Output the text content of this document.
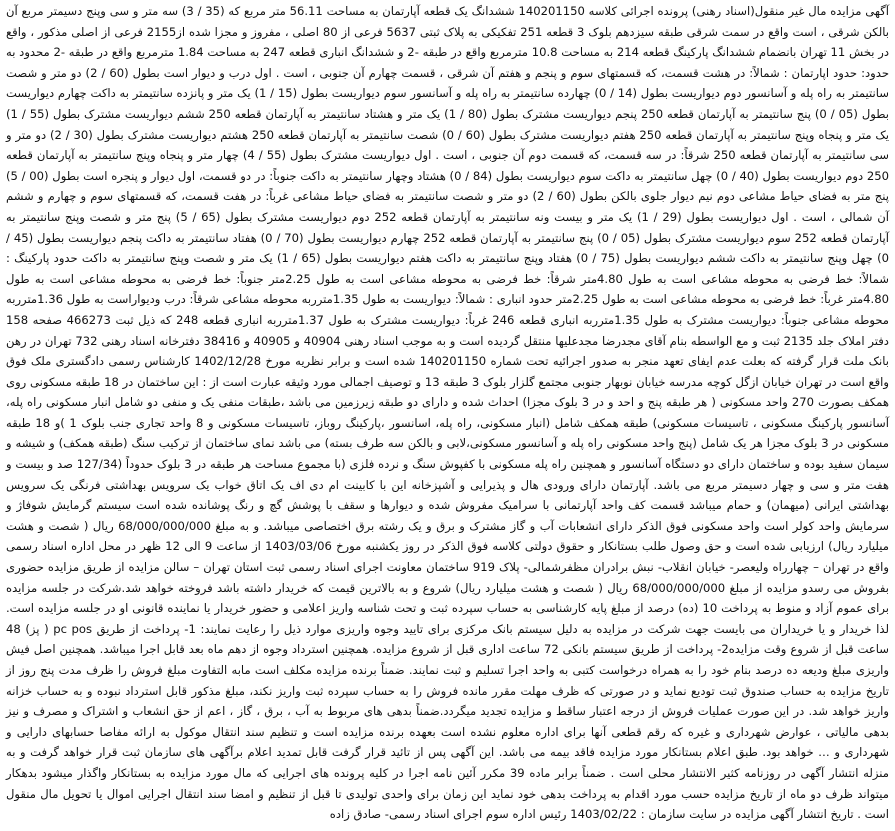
آگهی مزایده مال غیر منقول(اسناد رهنی) پرونده اجرائی کلاسه 140201150 ششدانگ یک قطعه آپارتمان به مساحت 56.11 متر مربع که (35 / 3) سه متر و سی وپنج دسیمتر مربع آن بالکن شرقی ، است واقع در سمت شرقی طبقه سیزدهم بلوک 3 قطعه 251 تفکیکی به پلاک ثبتی 5637 فرعی از 80 اصلی ، مفروز و مجزا شده از2155 فرعی از اصلی مذکور ، واقع در بخش 11 تهران بانضمام ششدانگ پارکینگ قطعه 214 به مساحت 10.8 مترمربع واقع در طبقه -2 و ششدانگ انباری قطعه 247 به مساحت 1.84 مترمربع واقع در طبقه -2 محدود به حدود: حدود اپارتمان : شمالاً: در هشت قسمت، که قسمتهای سوم و پنجم و هفتم آن شرقی ، قسمت چهارم آن جنوبی ، است . اول درب و دیوار است بطول (60 / 2) دو متر و شصت سانتیمتر به راه پله و آسانسور دوم دیواریست بطول (14 / 0) چهارده سانتیمتر به راه پله و آسانسور سوم دیواریست بطول (15 / 1) یک متر و پانزده سانتیمتر به داکت چهارم دیواریست بطول (05 / 0) پنج سانتیمتر به آپارتمان قطعه 250 پنجم دیواریست مشترک بطول (80 / 1) یک متر و هشتاد سانتیمتر به آپارتمان قطعه 250 ششم دیواریست مشترک بطول (55 / 1) یک متر و پنجاه وپنج سانتیمتر به آپارتمان قطعه 250 هفتم دیواریست مشترک بطول (60 / 0) شصت سانتیمتر به آپارتمان قطعه 250 هشتم دیواریست مشترک بطول (30 / 2) دو متر و سی سانتیمتر به آپارتمان قطعه 250 شرقاً: در سه قسمت، که قسمت دوم آن جنوبی ، است . اول دیواریست مشترک بطول (55 / 4) چهار متر و پنجاه وپنج سانتیمتر به آپارتمان قطعه 250 دوم دیواریست بطول (40 / 0) چهل سانتیمتر به داکت سوم دیواریست بطول (84 / 0) هشتاد وچهار سانتیمتر به داکت جنوباً: در دو قسمت، اول دیوار و پنجره است بطول (00 / 5) پنج متر به فضای حیاط مشاعی دوم نیم دیوار جلوی بالکن بطول (60 / 2) دو متر و شصت سانتیمتر به فضای حیاط مشاعی غرباً: در هفت قسمت، که قسمتهای سوم و چهارم و ششم آن شمالی ، است . اول دیواریست بطول (29 / 1) یک متر و بیست ونه سانتیمتر به آپارتمان قطعه 252 دوم دیواریست مشترک بطول (65 / 5) پنج متر و شصت وپنج سانتیمتر به آپارتمان قطعه 252 سوم دیواریست مشترک بطول (05 / 0) پنج سانتیمتر به آپارتمان قطعه 252 چهارم دیواریست بطول (70 / 0) هفتاد سانتیمتر به داکت پنجم دیواریست بطول (45 / 0) چهل وپنج سانتیمتر به داکت ششم دیواریست بطول (75 / 0) هفتاد وپنج سانتیمتر به داکت هفتم دیواریست بطول (65 / 1) یک متر و شصت وپنج سانتیمتر به داکت حدود پارکینگ : شمالاً: خط فرضی به محوطه مشاعی است به طول 4.80متر شرقاً: خط فرضی به محوطه مشاعی است به طول 2.25متر جنوباً: خط فرضی به محوطه مشاعی است به طول 4.80متر غرباً: خط فرضی به محوطه مشاعی است به طول 2.25متر حدود انباری : شمالاً: دیواریست به طول 1.35مترربه محوطه مشاعی شرقاً: درب ودیواراست به طول 1.36مترربه محوطه مشاعی جنوباً: دیواریست مشترک به طول 1.35مترربه انباری قطعه 246 غرباً: دیواریست مشترک به طول 1.37مترربه انباری قطعه 248 که ذیل ثبت 466273 صفحه 158 دفتر املاک جلد 2135 ثبت و مع الواسطه بنام آقای مجدرضا مجدعلیها منتقل گردیده است و به موجب اسناد رهنی 40904 و 40905 و 38416 دفترخانه اسناد رهنی 732 تهران در رهن بانک ملت قرار گرفته که بعلت عدم ایفای تعهد منجر به صدور اجرائیه تحت شماره 140201150 شده است و برابر نظریه مورخ 1402/12/28 کارشناس رسمی دادگستری ملک فوق واقع است در تهران خیابان ازگل کوچه مدرسه خیابان نوبهار جنوبی مجتمع گلزار بلوک 3 طبقه 13 و توصیف اجمالی مورد وثیقه عبارت است از : این ساختمان در 18 طبقه مسکونی روی همکف بصورت 270 واحد مسکونی ( هر طبقه پنج و احد و در 3 بلوک مجزا) احداث شده و دارای دو طبقه زیرزمین می باشد ،طبقات منفی یک و منفی دو شامل انبار مسکونی راه پله، آسانسور پارکینگ مسکونی ، تاسیسات مسکونی) طبقه همکف شامل (انبار مسکونی، راه پله، اسانسور ،پارکینگ روباز، تاسیسات مسکونی و 8 واحد تجاری جنب بلوک 1 )و 18 طبقه مسکونی در 3 بلوک مجزا هر یک شامل (پنج واحد مسکونی راه پله و آسانسور مسکونی،لابی و بالکن سه طرف بسته) می باشد نمای ساختمان از ترکیب سنگ (طبقه همکف) و شیشه و سیمان سفید بوده و ساختمان دارای دو دستگاه آسانسور و همچنین راه پله مسکونی با کفپوش سنگ و نرده فلزی (با مجموع مساحت هر طبقه در 3 بلوک حدوداً (127/34 صد و بیست و هفت متر و سی و چهار دسیمتر مربع می باشد. آپارتمان دارای ورودی هال و پذیرایی و آشپزخانه این با کابینت ام دی اف یک اتاق خواب یک سرویس بهداشتی فرنگی یک سرویس بهداشتی ایرانی (میهمان) و حمام میباشد قسمت کف واحد آپارتمانی با سرامیک مفروش شده و دیوارها و سقف با پوشش گچ و رنگ پوشانده شده است سیستم گرمایش شوفاژ و سرمایش واحد کولر است واحد مسکونی فوق الذکر دارای انشعابات آب و گاز مشترک و برق و یک رشته برق اختصاصی میباشد. و به مبلغ 68/000/000/000 ریال ( شصت و هشت میلیارد ریال) ارزیابی شده است و حق وصول طلب بستانکار و حقوق دولتی کلاسه فوق الذکر در روز یکشنبه مورخ 1403/03/06 از ساعت 9 الی 12 ظهر در محل اداره اسناد رسمی واقع در تهران – چهارراه ولیعصر- خیابان انقلاب- نبش برادران مظفرشمالی- پلاک 919 ساختمان معاونت اجرای اسناد رسمی ثبت استان تهران – سالن مزایده از طریق مزایده حضوری بفروش می رسدو مزایده از مبلغ 68/000/000/000 ریال ( شصت و هشت میلیارد ریال) شروع و به بالاترین قیمت که خریدار داشته باشد فروخته خواهد شد.شرکت در جلسه مزایده برای عموم آزاد و منوط به پرداخت 10 (ده) درصد از مبلغ پایه کارشناسی به حساب سپرده ثبت و تحت شناسه واریز اعلامی و حضور خریدار یا نماینده قانونی او در جلسه مزایده است. لذا خریدار و یا خریداران می بایست جهت شرکت در مزایده به دلیل سیستم بانک مرکزی برای تایید وجوه واریزی موارد ذیل را رعایت نمایند: 1- پرداخت از طریق pc pos ( پز) 48 ساعت قبل از شروع وقت مزایده2- پرداخت از طریق سیستم بانکی 72 ساعت اداری قبل از شروع مزایده. همچنین استرداد وجوه از دهم ماه بعد قابل اجرا میباشد. همچنین اصل فیش واریزی مبلغ ودیعه ده درصد بنام خود را به همراه درخواست کتبی به واحد اجرا تسلیم و ثبت نمایند. ضمناً برنده مزایده مکلف است مابه التفاوت مبلغ فروش را ظرف مدت پنج روز از تاریخ مزایده به حساب صندوق ثبت تودیع نماید و در صورتی که ظرف مهلت مقرر مانده فروش را به حساب سپرده ثبت واریز نکند، مبلغ مذکور قابل استرداد نبوده و به حساب خزانه واریز خواهد شد. در این صورت عملیات فروش از درجه اعتبار ساقط و مزایده تجدید میگردد.ضمناً بدهی های مربوط به آب ، برق ، گاز ، اعم از حق انشعاب و اشتراک و مصرف و نیز بدهی مالیاتی ، عوارض شهرداری و غیره که رقم قطعی آنها برای اداره معلوم نشده است بعهده برنده مزایده است و تنظیم سند انتقال موکول به ارائه مفاصا حسابهای دارایی و شهرداری و … خواهد بود. طبق اعلام بستانکار مورد مزایده فاقد بیمه می باشد. این آگهی پس از تائید قرار گرفت قابل تمدید اعلام برآگهی های سازمان ثبت قرار خواهد گرفت و به منزله انتشار آگهی در روزنامه کثیر الانتشار محلی است . ضمناً برابر ماده 39 مکرر آئین نامه اجرا در کلیه پرونده های اجرایی که مال مورد مزایده به بستانکار واگذار میشود بدهکار میتواند ظرف دو ماه از تاریخ مزایده حسب مورد اقدام به پرداخت بدهی خود نماید این زمان برای واحدی تولیدی تا قبل از تنظیم و امضا سند انتقال اجرایی اموال یا تحویل مال منقول است . تاریخ انتشار آگهی مزایده در سایت سازمان : 1403/02/22 رئیس اداره سوم اجرای اسناد رسمی- صادق زاده
